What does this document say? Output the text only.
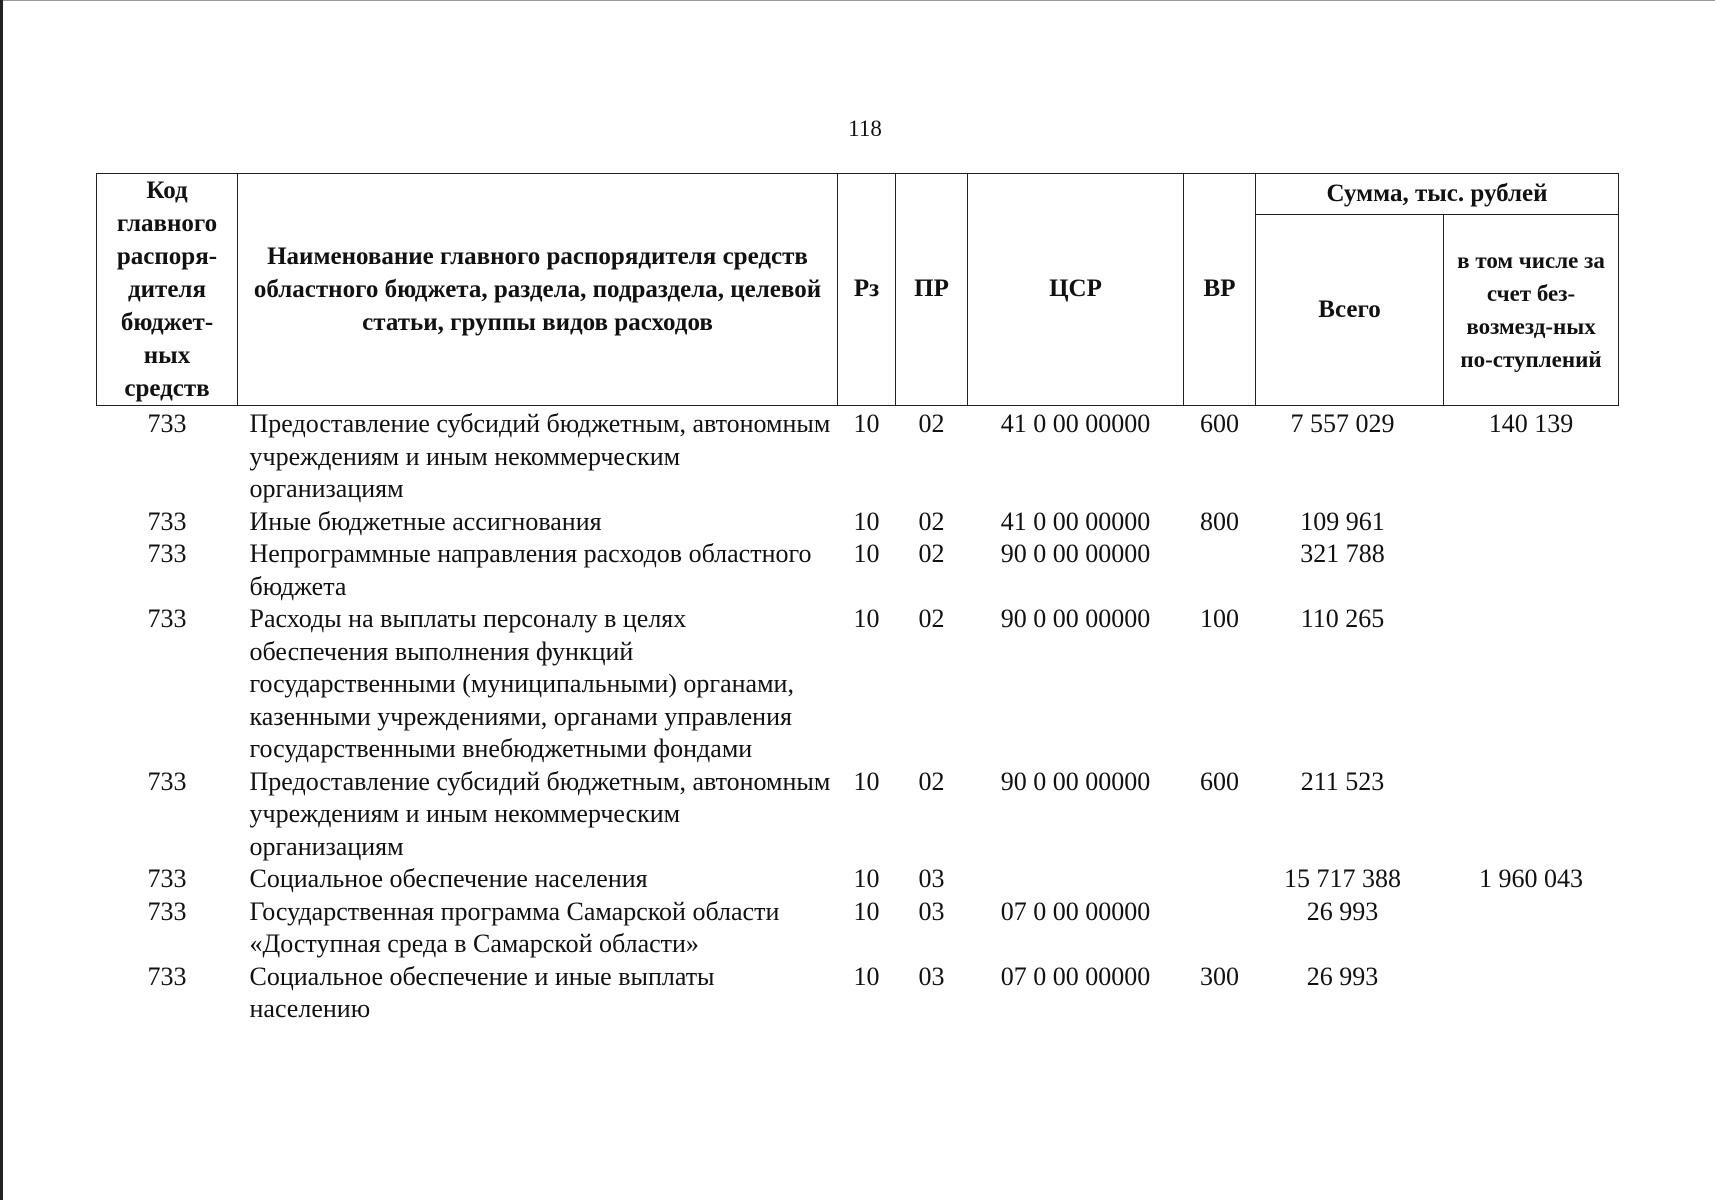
118
Код главного распоря-дителя бюджет-ных средств	Наименование главного распорядителя средств областного бюджета, раздела, подраздела, целевой статьи, группы видов расходов	Рз	ПР	ЦСР	ВР	Сумма, тыс. рублей	
						Всего	в том числе за счет без-возмезд-ных по-ступлений
733	Предоставление субсидий бюджетным, автономным учреждениям и иным некоммерческим организациям	10	02	41 0 00 00000	600	7 557 029	140 139
733	Иные бюджетные ассигнования	10	02	41 0 00 00000	800	109 961	
733	Непрограммные направления расходов областного бюджета	10	02	90 0 00 00000		321 788	
733	Расходы на выплаты персоналу в целях обеспечения выполнения функций государственными (муниципальными) органами, казенными учреждениями, органами управления государственными внебюджетными фондами	10	02	90 0 00 00000	100	110 265	
733	Предоставление субсидий бюджетным, автономным учреждениям и иным некоммерческим организациям	10	02	90 0 00 00000	600	211 523	
733	Социальное обеспечение населения	10	03			15 717 388	1 960 043
733	Государственная программа Самарской области «Доступная среда в Самарской области»	10	03	07 0 00 00000		26 993	
733	Социальное обеспечение и иные выплаты населению	10	03	07 0 00 00000	300	26 993	
